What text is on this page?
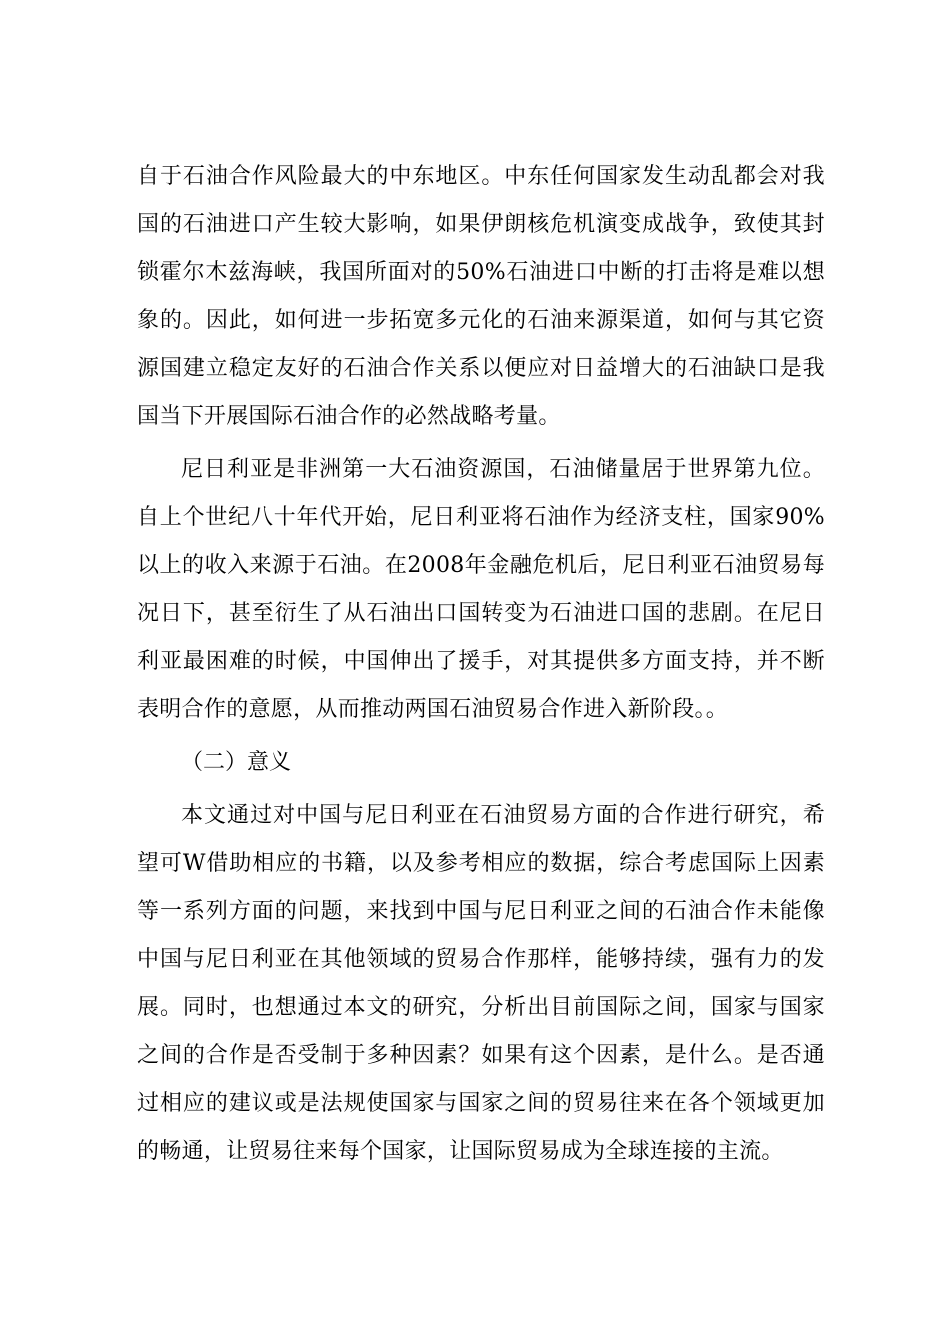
自于石油合作风险最大的中东地区。中东任何国家发生动乱都会对我国的石油进口产生较大影响，如果伊朗核危机演变成战争，致使其封锁霍尔木兹海峡，我国所面对的50%石油进口中断的打击将是难以想象的。因此，如何进一步拓宽多元化的石油来源渠道，如何与其它资源国建立稳定友好的石油合作关系以便应对日益增大的石油缺口是我国当下开展国际石油合作的必然战略考量。

尼日利亚是非洲第一大石油资源国，石油储量居于世界第九位。自上个世纪八十年代开始，尼日利亚将石油作为经济支柱，国家90%以上的收入来源于石油。在2008年金融危机后，尼日利亚石油贸易每况日下，甚至衍生了从石油出口国转变为石油进口国的悲剧。在尼日利亚最困难的时候，中国伸出了援手，对其提供多方面支持，并不断表明合作的意愿，从而推动两国石油贸易合作进入新阶段。。

（二）意义

本文通过对中国与尼日利亚在石油贸易方面的合作进行研究，希望可W借助相应的书籍，以及参考相应的数据，综合考虑国际上因素等一系列方面的问题，来找到中国与尼日利亚之间的石油合作未能像中国与尼日利亚在其他领域的贸易合作那样，能够持续，强有力的发展。同时，也想通过本文的研究，分析出目前国际之间，国家与国家之间的合作是否受制于多种因素？如果有这个因素，是什么。是否通过相应的建议或是法规使国家与国家之间的贸易往来在各个领域更加的畅通，让贸易往来每个国家，让国际贸易成为全球连接的主流。
